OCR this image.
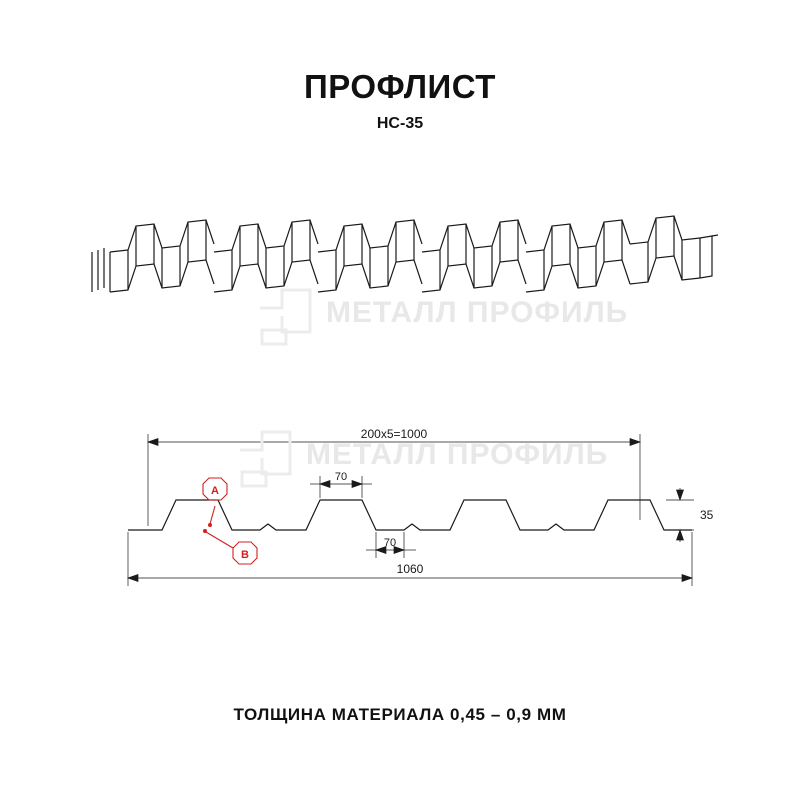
ПРОФЛИСТ
НС-35
МЕТАЛЛ ПРОФИЛЬ
200х5=1000
70
70
35
1060
A
B
МЕТАЛЛ ПРОФИЛЬ
ТОЛЩИНА МАТЕРИАЛА 0,45 – 0,9 ММ
